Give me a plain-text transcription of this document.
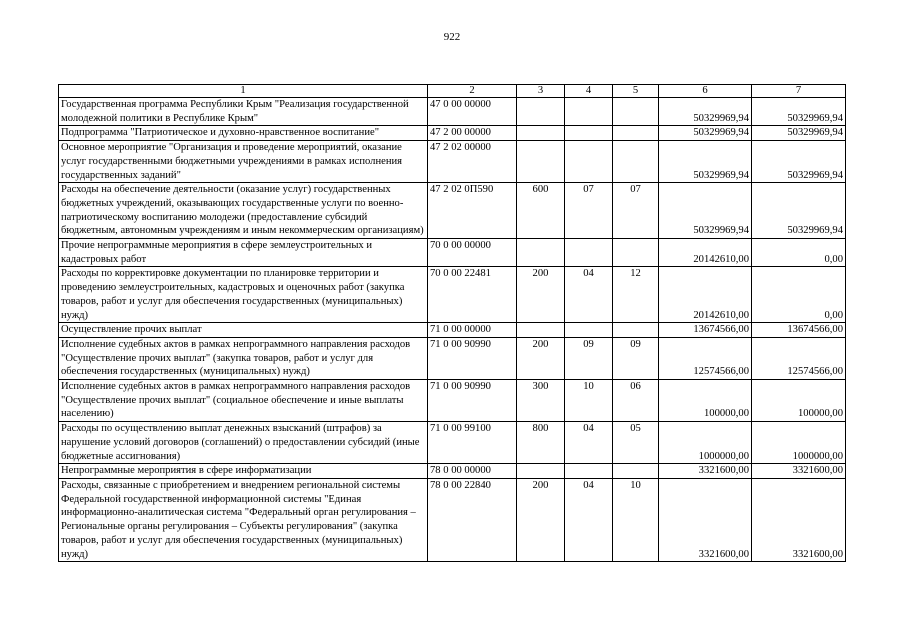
922
1	2	3	4	5	6	7
Государственная программа Республики Крым "Реализация государственной молодежной политики в Республике Крым"	47 0 00 00000				50329969,94	50329969,94
Подпрограмма "Патриотическое и духовно-нравственное воспитание"	47 2 00 00000				50329969,94	50329969,94
Основное мероприятие "Организация и проведение мероприятий, оказание услуг государственными бюджетными учреждениями в рамках исполнения государственных заданий"	47 2 02 00000				50329969,94	50329969,94
Расходы на обеспечение деятельности (оказание услуг) государственных бюджетных учреждений, оказывающих государственные услуги по военно-патриотическому воспитанию молодежи (предоставление субсидий бюджетным, автономным учреждениям и иным некоммерческим организациям)	47 2 02 0П590	600	07	07	50329969,94	50329969,94
Прочие непрограммные мероприятия в сфере землеустроительных и кадастровых работ	70 0 00 00000				20142610,00	0,00
Расходы по корректировке документации по планировке территории и проведению землеустроительных, кадастровых и оценочных работ (закупка товаров, работ и услуг для обеспечения государственных (муниципальных) нужд)	70 0 00 22481	200	04	12	20142610,00	0,00
Осуществление прочих выплат	71 0 00 00000				13674566,00	13674566,00
Исполнение судебных актов в рамках непрограммного направления расходов "Осуществление прочих выплат" (закупка товаров, работ и услуг для обеспечения государственных (муниципальных) нужд)	71 0 00 90990	200	09	09	12574566,00	12574566,00
Исполнение судебных актов в рамках непрограммного направления расходов "Осуществление прочих выплат" (социальное обеспечение и иные выплаты населению)	71 0 00 90990	300	10	06	100000,00	100000,00
Расходы по осуществлению выплат денежных взысканий (штрафов) за нарушение условий договоров (соглашений) о предоставлении субсидий (иные бюджетные ассигнования)	71 0 00 99100	800	04	05	1000000,00	1000000,00
Непрограммные мероприятия в сфере информатизации	78 0 00 00000				3321600,00	3321600,00
Расходы, связанные с приобретением и внедрением региональной системы Федеральной государственной информационной системы "Единая информационно-аналитическая система "Федеральный орган регулирования – Региональные органы регулирования – Субъекты регулирования" (закупка товаров, работ и услуг для обеспечения государственных (муниципальных) нужд)	78 0 00 22840	200	04	10	3321600,00	3321600,00
